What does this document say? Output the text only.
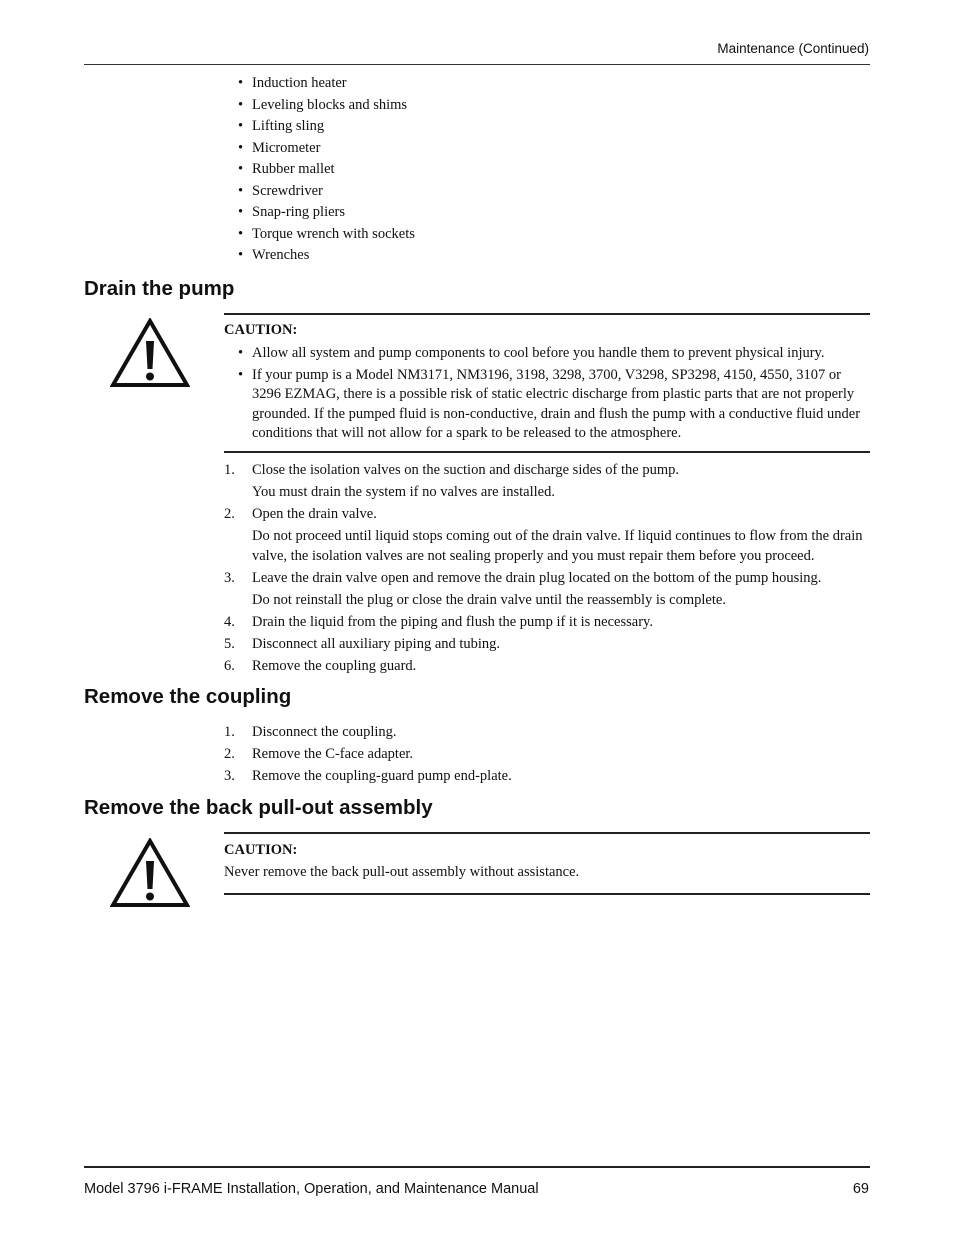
Maintenance (Continued)
• Induction heater
• Leveling blocks and shims
• Lifting sling
• Micrometer
• Rubber mallet
• Screwdriver
• Snap-ring pliers
• Torque wrench with sockets
• Wrenches
Drain the pump
CAUTION:
• Allow all system and pump components to cool before you handle them to prevent physical injury.
• If your pump is a Model NM3171, NM3196, 3198, 3298, 3700, V3298, SP3298, 4150, 4550, 3107 or 3296 EZMAG, there is a possible risk of static electric discharge from plastic parts that are not properly grounded. If the pumped fluid is non-conductive, drain and flush the pump with a conductive fluid under conditions that will not allow for a spark to be released to the atmosphere.
1. Close the isolation valves on the suction and discharge sides of the pump.
You must drain the system if no valves are installed.
2. Open the drain valve.
Do not proceed until liquid stops coming out of the drain valve. If liquid continues to flow from the drain valve, the isolation valves are not sealing properly and you must repair them before you proceed.
3. Leave the drain valve open and remove the drain plug located on the bottom of the pump housing.
Do not reinstall the plug or close the drain valve until the reassembly is complete.
4. Drain the liquid from the piping and flush the pump if it is necessary.
5. Disconnect all auxiliary piping and tubing.
6. Remove the coupling guard.
Remove the coupling
1. Disconnect the coupling.
2. Remove the C-face adapter.
3. Remove the coupling-guard pump end-plate.
Remove the back pull-out assembly
CAUTION:
Never remove the back pull-out assembly without assistance.
Model 3796 i-FRAME Installation, Operation, and Maintenance Manual	69
